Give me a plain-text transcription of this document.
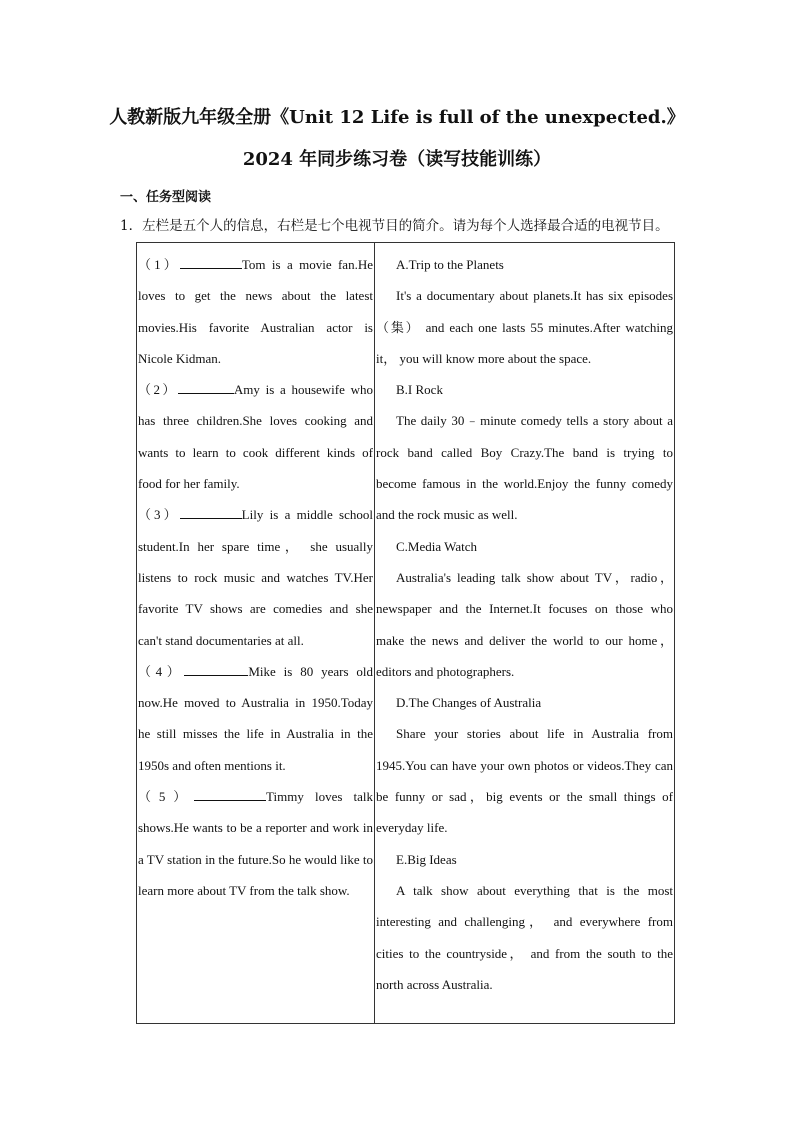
人教新版九年级全册《Unit 12 Life is full of the unexpected.》
2024 年同步练习卷（读写技能训练）
一、任务型阅读
1．左栏是五个人的信息，右栏是七个电视节目的简介。请为每个人选择最合适的电视节目。
（1）	Tom is a movie fan.He loves to get the news about the latest movies.His favorite Australian actor is Nicole Kidman.
（2）	Amy is a housewife who has three children.She loves cooking and wants to learn to cook different kinds of food for her family.
（3）	Lily is a middle school student.In her spare time， she usually listens to rock music and watches TV.Her favorite TV shows are comedies and she can't stand documentaries at all.
（4）	Mike is 80 years old now.He moved to Australia in 1950.Today he still misses the life in Australia in the 1950s and often mentions it.
（5）	Timmy loves talk shows.He wants to be a reporter and work in a TV station in the future.So he would like to learn more about TV from the talk show.
A.Trip to the Planets
It's a documentary about planets.It has six episodes （集） and each one lasts 55 minutes.After watching it， you will know more about the space.
B.I Rock
The daily 30﹣minute comedy tells a story about a rock band called Boy Crazy.The band is trying to become famous in the world.Enjoy the funny comedy and the rock music as well.
C.Media Watch
Australia's leading talk show about TV，radio，newspaper and the Internet.It focuses on those who make the news and deliver the world to our home，editors and photographers.
D.The Changes of Australia
Share your stories about life in Australia from 1945.You can have your own photos or videos.They can be funny or sad，big events or the small things of everyday life.
E.Big Ideas
A talk show about everything that is the most interesting and challenging， and everywhere from cities to the countryside， and from the south to the north across Australia.
